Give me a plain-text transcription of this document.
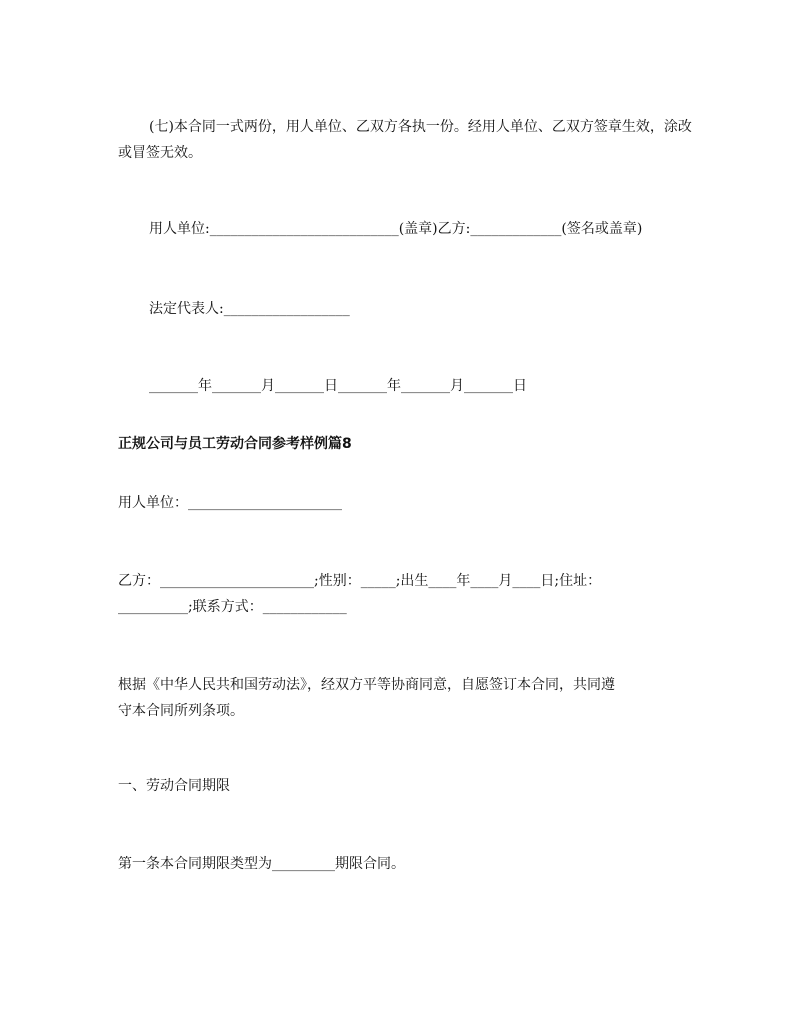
(七)本合同一式两份，用人单位、乙双方各执一份。经用人单位、乙双方签章生效，涂改或冒签无效。
用人单位:___________________________(盖章)乙方:_____________(签名或盖章)
法定代表人:__________________
_______年_______月_______日_______年_______月_______日
正规公司与员工劳动合同参考样例篇8
用人单位：______________________
乙方：______________________;性别：_____;出生____年____月____日;住址：
__________;联系方式：____________
根据《中华人民共和国劳动法》，经双方平等协商同意，自愿签订本合同，共同遵
守本合同所列条项。
一、劳动合同期限
第一条本合同期限类型为_________期限合同。
